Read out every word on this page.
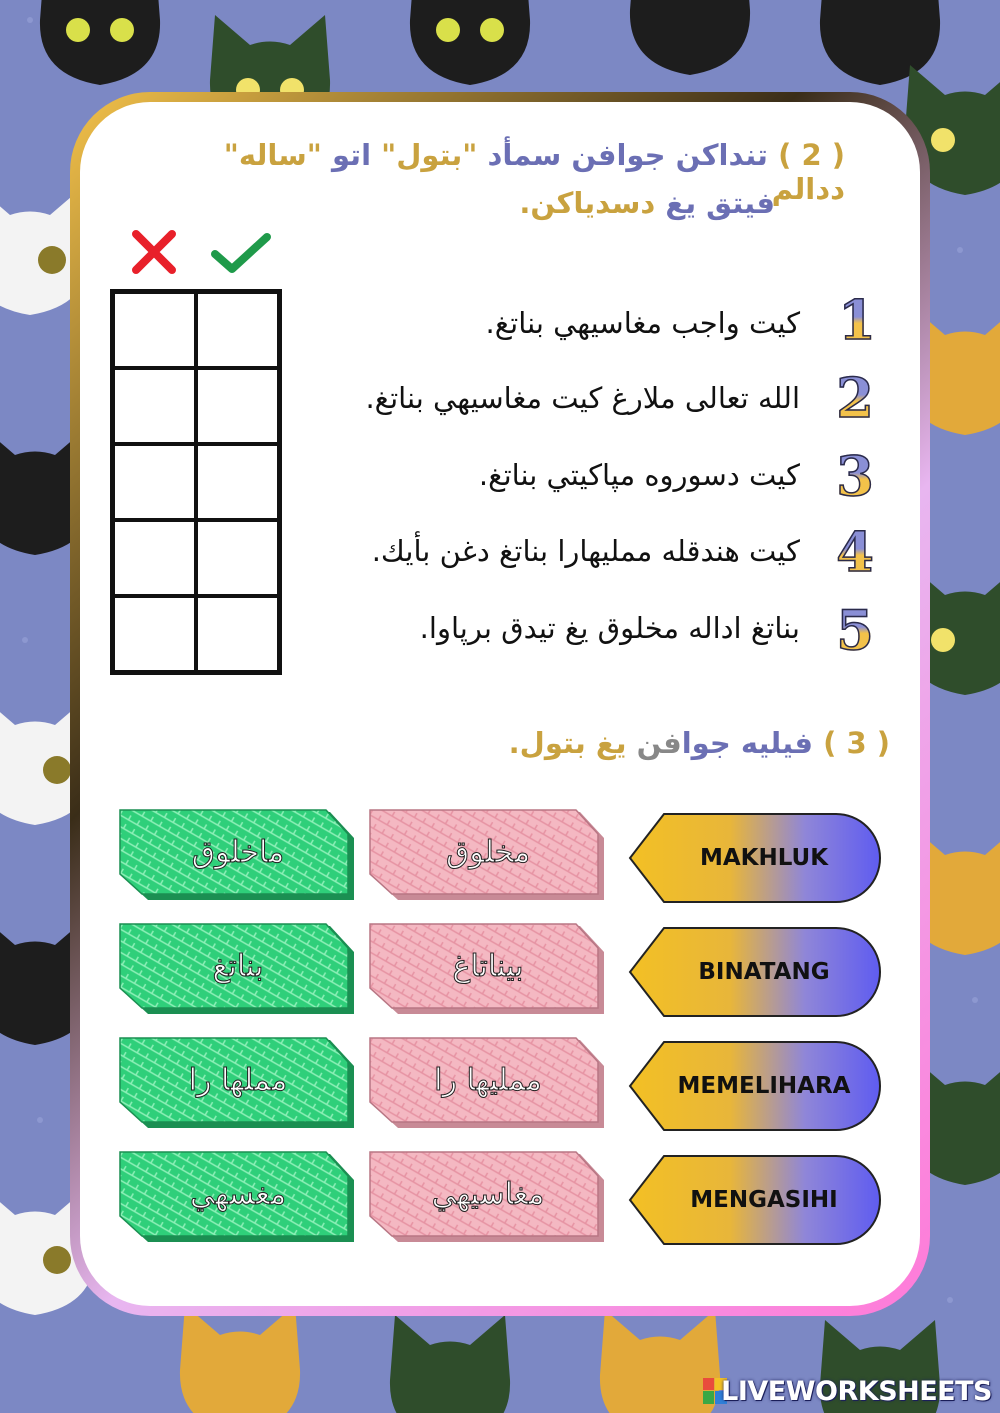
( 2 ) تنداكن جوافن سمأد "بتول" اتو "ساله" ددالم
فيتق يغ دسدياكن.
1
كيت واجب مغاسيهي بناتغ.
2
الله تعالى ملارغ كيت مغاسيهي بناتغ.
3
كيت دسوروه مپاكيتي بناتغ.
4
كيت هندقله ممليهارا بناتغ دغن بأيك.
5
بناتغ اداله مخلوق يغ تيدق برپاوا.
( 3 ) فيليه جوافن يغ بتول.
MAKHLUK
مخلوق
ماخلوق
BINATANG
بيناتاغ
بناتغ
MEMELIHARA
ممليها را
مملها را
MENGASIHI
مغاسيهي
مغسهي
LIVEWORKSHEETS
